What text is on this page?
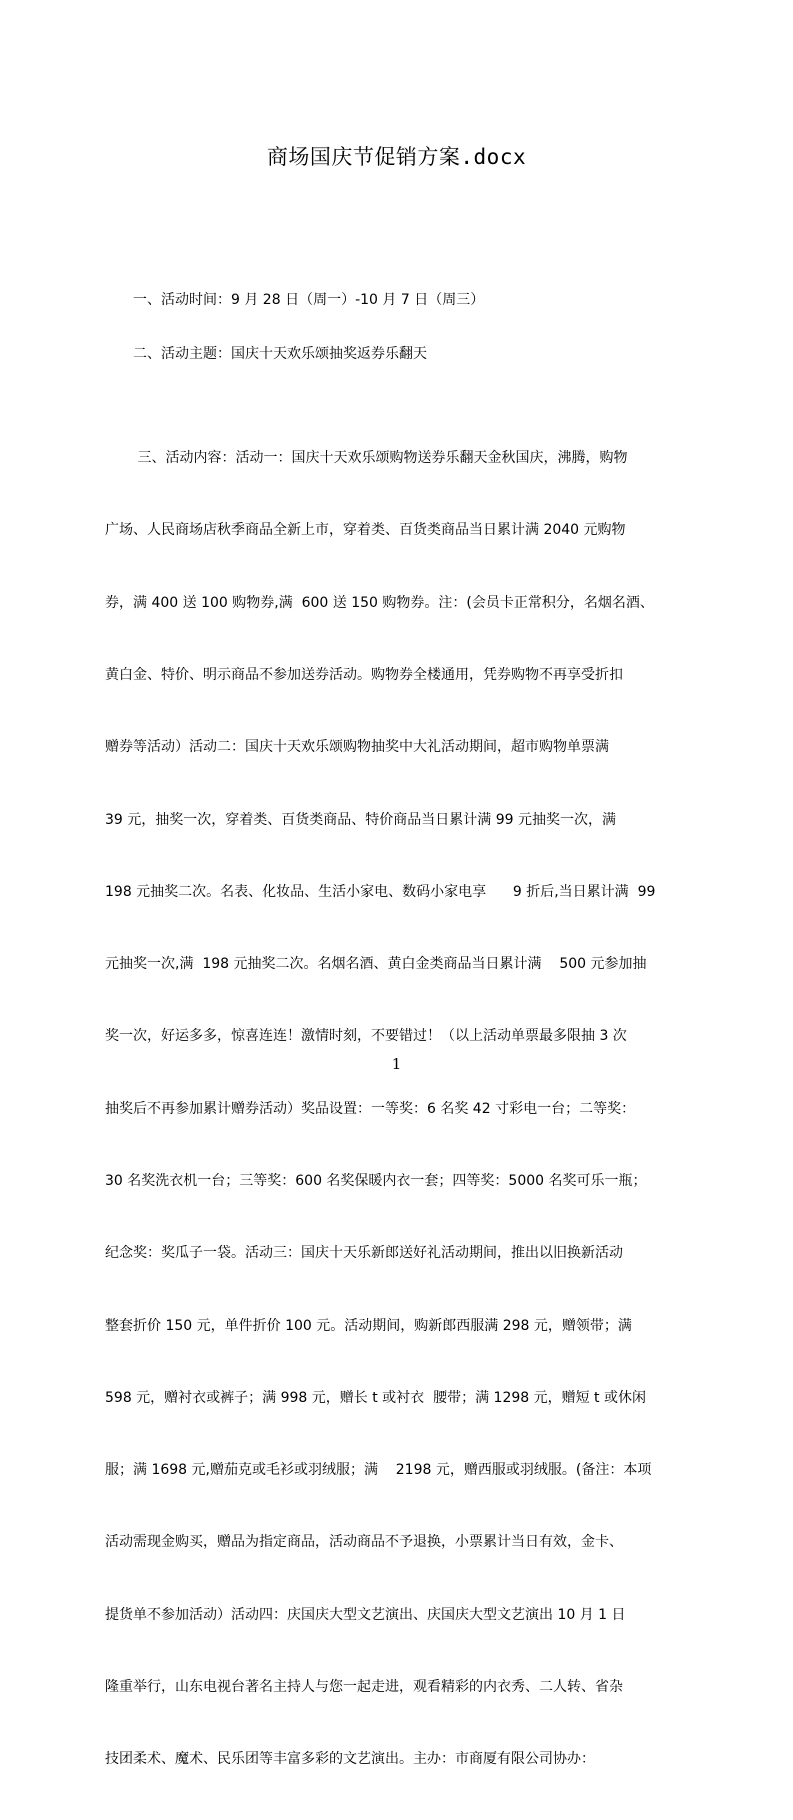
商场国庆节促销方案.docx
一、活动时间：9 月 28 日（周一）-10 月 7 日（周三）
二、活动主题：国庆十天欢乐颂抽奖返券乐翻天

三、活动内容：活动一：国庆十天欢乐颂购物送券乐翻天金秋国庆，沸腾，购物

广场、人民商场店秋季商品全新上市，穿着类、百货类商品当日累计满 2040 元购物

券，满 400 送 100 购物券,满  600 送 150 购物券。注：(会员卡正常积分，名烟名酒、

黄白金、特价、明示商品不参加送券活动。购物券全楼通用，凭券购物不再享受折扣

赠券等活动）活动二：国庆十天欢乐颂购物抽奖中大礼活动期间，超市购物单票满

39 元，抽奖一次，穿着类、百货类商品、特价商品当日累计满 99 元抽奖一次，满

198 元抽奖二次。名表、化妆品、生活小家电、数码小家电享      9 折后,当日累计满  99

元抽奖一次,满  198 元抽奖二次。名烟名酒、黄白金类商品当日累计满    500 元参加抽

奖一次，好运多多，惊喜连连！激情时刻，不要错过！（以上活动单票最多限抽 3 次

抽奖后不再参加累计赠券活动）奖品设置：一等奖：6 名奖 42 寸彩电一台；二等奖：

30 名奖洗衣机一台；三等奖：600 名奖保暖内衣一套；四等奖：5000 名奖可乐一瓶；

纪念奖：奖瓜子一袋。活动三：国庆十天乐新郎送好礼活动期间，推出以旧换新活动

整套折价 150 元，单件折价 100 元。活动期间，购新郎西服满 298 元，赠领带；满

598 元，赠衬衣或裤子；满 998 元，赠长 t 或衬衣  腰带；满 1298 元，赠短 t 或休闲

服；满 1698 元,赠茄克或毛衫或羽绒服；满    2198 元，赠西服或羽绒服。(备注：本项

活动需现金购买，赠品为指定商品，活动商品不予退换，小票累计当日有效，金卡、

提货单不参加活动）活动四：庆国庆大型文艺演出、庆国庆大型文艺演出 10 月 1 日

隆重举行，山东电视台著名主持人与您一起走进，观看精彩的内衣秀、二人转、省杂

技团柔术、魔术、民乐团等丰富多彩的文艺演出。主办：市商厦有限公司协办：

1
